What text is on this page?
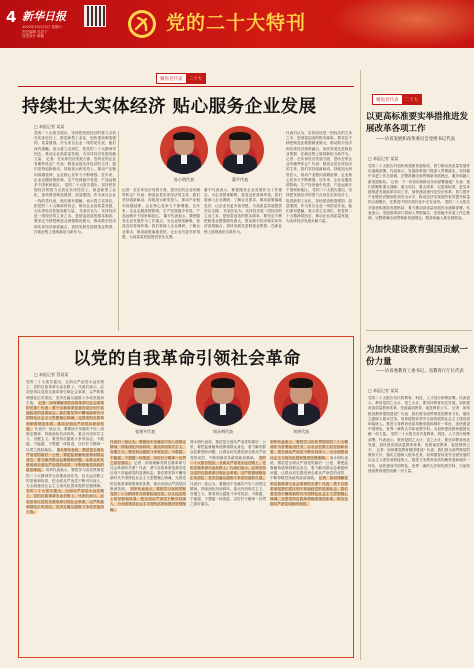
4 新华日报
2022年10月22日 星期六
责任编辑 孔祥宁
视觉设计 陈颖
党的二十大特刊
聚焦党代表	二十大
持续壮大实体经济 贴心服务企业发展
□ 本报记者 某某
党的二十大报告提出，坚持把发展经济的着力点放在实体经济上，推进新型工业化，加快建设制造强国、质量强国。作为来自企业一线的党代表，他们深有感触，表示将立足岗位，把党的二十大精神带回去，推动企业高质量发展，为实体经济发展贡献力量。 记者：在实体经济发展方面，您所在的企业有哪些体会？代表：制造业是实体经济的主体，我们坚持创新驱动，持续加大研发投入，推动产业链向高端延伸，企业核心竞争力不断增强。近年来，企业克服疫情影响，生产经营稳中有进，产品远销多个国家和地区。 党的二十大报告提出，坚持把发展经济的着力点放在实体经济上，推进新型工业化，加快建设制造强国、质量强国。作为来自企业一线的党代表，他们深有感触，表示将立足岗位，把党的二十大精神带回去，推动企业高质量发展，为实体经济发展贡献力量。 代表们认为，实体经济是一国经济的立身之本，是财富创造的根本源泉。要坚定不移把制造业做强做优做大，推动数字经济和实体经济深度融合，加快发展先进制造业集群，在新征程上展现新担当新作为。
孙小明代表	董平代表
记者：在实体经济发展方面，您所在的企业有哪些体会？代表：制造业是实体经济的主体，我们坚持创新驱动，持续加大研发投入，推动产业链向高端延伸，企业核心竞争力不断增强。近年来，企业克服疫情影响，生产经营稳中有进，产品远销多个国家和地区。 董平代表表示，要把服务企业发展作为工作重点，为企业排忧解难，营造良好营商环境。我们将深入企业调研，了解企业需求，推动政策落地见效，让企业有更多获得感，为高质量发展提供坚实支撑。
董平代表表示，要把服务企业发展作为工作重点，为企业排忧解难，营造良好营商环境。我们将深入企业调研，了解企业需求，推动政策落地见效，让企业有更多获得感，为高质量发展提供坚实支撑。 代表们认为，实体经济是一国经济的立身之本，是财富创造的根本源泉。要坚定不移把制造业做强做优做大，推动数字经济和实体经济深度融合，加快发展先进制造业集群，在新征程上展现新担当新作为。
代表们认为，实体经济是一国经济的立身之本，是财富创造的根本源泉。要坚定不移把制造业做强做优做大，推动数字经济和实体经济深度融合，加快发展先进制造业集群，在新征程上展现新担当新作为。 记者：在实体经济发展方面，您所在的企业有哪些体会？代表：制造业是实体经济的主体，我们坚持创新驱动，持续加大研发投入，推动产业链向高端延伸，企业核心竞争力不断增强。近年来，企业克服疫情影响，生产经营稳中有进，产品远销多个国家和地区。 党的二十大报告提出，坚持把发展经济的着力点放在实体经济上，推进新型工业化，加快建设制造强国、质量强国。作为来自企业一线的党代表，他们深有感触，表示将立足岗位，把党的二十大精神带回去，推动企业高质量发展，为实体经济发展贡献力量。
以党的自我革命引领社会革命
□ 本报记者 蔡某某
张建平代表	周永明代表	刘华代表
党的二十大报告提出，全面从严治党永远在路上，党的自我革命永远在路上。代表们表示，必须坚持以党的自我革命引领社会革命，以严的基调强化正风肃纪，坚决打赢反腐败斗争攻坚战持久战。 记者：如何理解党的自我革命与社会革命的关系？代表：勇于自我革命是我们党区别于其他政党的显著标志。我们要坚持不懈用新时代中国特色社会主义思想凝心铸魂，完善党的自我革命制度规范体系，推动全面从严治党向纵深发展。 代表们一致认为，要锲而不舍落实中央八项规定精神，持续深化纠治四风，重点纠治形式主义、官僚主义。要坚持反腐败斗争零容忍，不敢腐、不能腐、不想腐一体推进，以钉钉子精神一以贯之抓好落实。 周永明代表说，基层是全面从严治党的最后一公里，要把监督触角延伸到群众身边，着力解决群众急难愁盼问题，让群众切实感受到全面从严治党的成效，不断厚植党执政的政治基础。 刘华代表表示，要把学习宣传贯彻党的二十大精神作为首要政治任务，以永远在路上的坚韧和执着，把全面从严治党不断引向深入，为全面建设社会主义现代化国家提供坚强保障。 党的二十大报告提出，全面从严治党永远在路上，党的自我革命永远在路上。代表们表示，必须坚持以党的自我革命引领社会革命，以严的基调强化正风肃纪，坚决打赢反腐败斗争攻坚战持久战。
代表们一致认为，要锲而不舍落实中央八项规定精神，持续深化纠治四风，重点纠治形式主义、官僚主义。要坚持反腐败斗争零容忍，不敢腐、不能腐、不想腐一体推进，以钉钉子精神一以贯之抓好落实。 记者：如何理解党的自我革命与社会革命的关系？代表：勇于自我革命是我们党区别于其他政党的显著标志。我们要坚持不懈用新时代中国特色社会主义思想凝心铸魂，完善党的自我革命制度规范体系，推动全面从严治党向纵深发展。 刘华代表表示，要把学习宣传贯彻党的二十大精神作为首要政治任务，以永远在路上的坚韧和执着，把全面从严治党不断引向深入，为全面建设社会主义现代化国家提供坚强保障。
周永明代表说，基层是全面从严治党的最后一公里，要把监督触角延伸到群众身边，着力解决群众急难愁盼问题，让群众切实感受到全面从严治党的成效，不断厚植党执政的政治基础。 党的二十大报告提出，全面从严治党永远在路上，党的自我革命永远在路上。代表们表示，必须坚持以党的自我革命引领社会革命，以严的基调强化正风肃纪，坚决打赢反腐败斗争攻坚战持久战。 代表们一致认为，要锲而不舍落实中央八项规定精神，持续深化纠治四风，重点纠治形式主义、官僚主义。要坚持反腐败斗争零容忍，不敢腐、不能腐、不想腐一体推进，以钉钉子精神一以贯之抓好落实。
刘华代表表示，要把学习宣传贯彻党的二十大精神作为首要政治任务，以永远在路上的坚韧和执着，把全面从严治党不断引向深入，为全面建设社会主义现代化国家提供坚强保障。 周永明代表说，基层是全面从严治党的最后一公里，要把监督触角延伸到群众身边，着力解决群众急难愁盼问题，让群众切实感受到全面从严治党的成效，不断厚植党执政的政治基础。 记者：如何理解党的自我革命与社会革命的关系？代表：勇于自我革命是我们党区别于其他政党的显著标志。我们要坚持不懈用新时代中国特色社会主义思想凝心铸魂，完善党的自我革命制度规范体系，推动全面从严治党向纵深发展。
聚焦党代表	二十大
以更高标准要实举措推进发展改革各项工作
——访省发展和改革委员会党组书记代表
□ 本报记者 某某
党的二十大报告对加快构建新发展格局、着力推动高质量发展作出战略部署。代表表示，发展改革部门将深入贯彻落实，坚持稳中求进工作总基调，完整准确全面贯彻新发展理念，服务和融入新发展格局。 记者：下一步将如何推动各项部署落地？代表：我们将聚焦重大战略、重大项目、重大改革，以更高标准、更实举措推进发展改革各项工作，加快建设现代化经济体系，着力提升产业链供应链韧性和安全水平，推动经济实现质的有效提升和量的合理增长，在推进中国式现代化中走在前列。 党的二十大报告对加快构建新发展格局、着力推动高质量发展作出战略部署。代表表示，发展改革部门将深入贯彻落实，坚持稳中求进工作总基调，完整准确全面贯彻新发展理念，服务和融入新发展格局。
为加快建设教育强国贡献一份力量
——访省委教育工委书记、省教育厅厅长代表
□ 本报记者 某某
党的二十大报告首次将教育、科技、人才进行统筹部署。代表表示，教育是国之大计、党之大计，要坚持教育优先发展，加快建设高质量教育体系，发展素质教育，促进教育公平。 记者：如何推进教育强国建设？代表：我们将全面贯彻党的教育方针，落实立德树人根本任务，培养德智体美劳全面发展的社会主义建设者和接班人。推进义务教育优质均衡发展和城乡一体化，加快建设中国特色、世界一流的大学和优势学科，为加快建设教育强国贡献一份力量。 党的二十大报告首次将教育、科技、人才进行统筹部署。代表表示，教育是国之大计、党之大计，要坚持教育优先发展，加快建设高质量教育体系，发展素质教育，促进教育公平。 记者：如何推进教育强国建设？代表：我们将全面贯彻党的教育方针，落实立德树人根本任务，培养德智体美劳全面发展的社会主义建设者和接班人。推进义务教育优质均衡发展和城乡一体化，加快建设中国特色、世界一流的大学和优势学科，为加快建设教育强国贡献一份力量。
